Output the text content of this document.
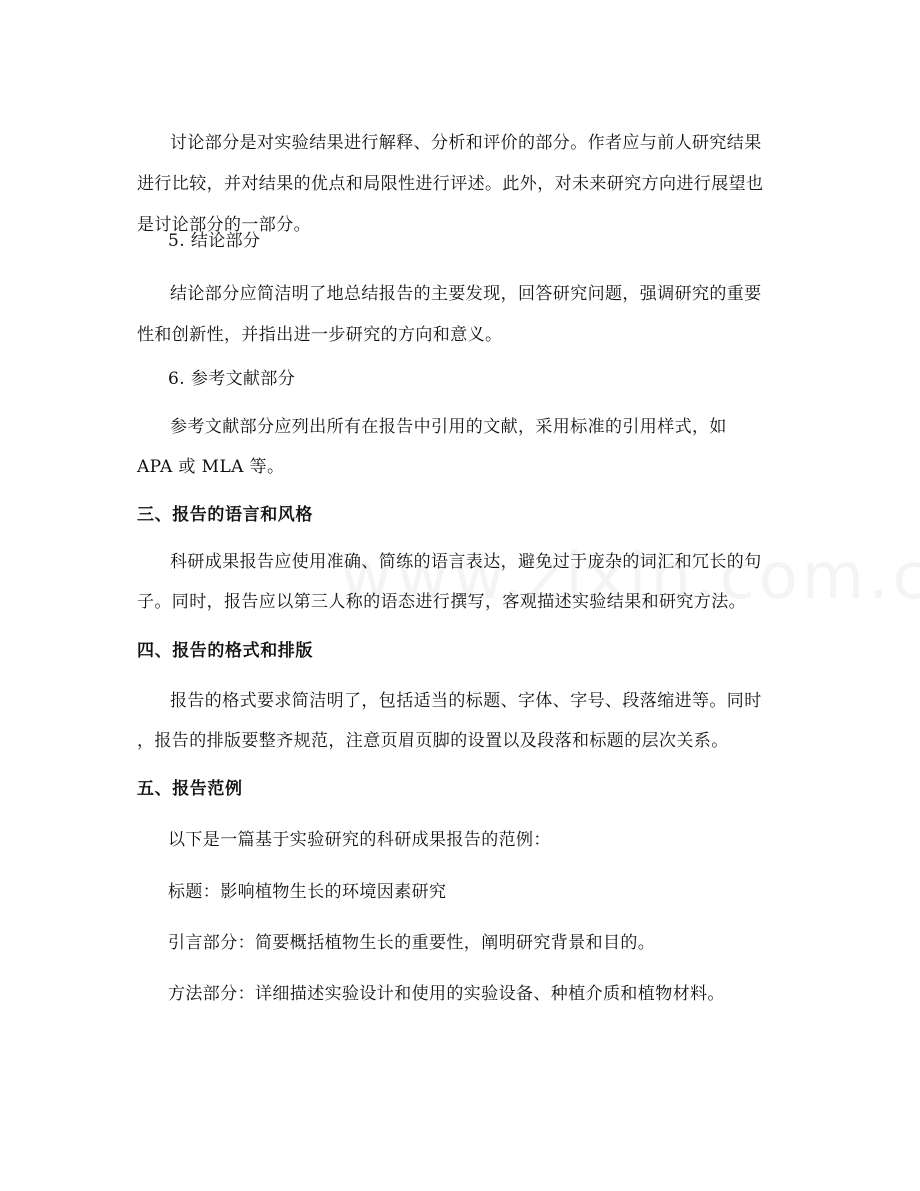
讨论部分是对实验结果进行解释、分析和评价的部分。作者应与前人研究结果
进行比较，并对结果的优点和局限性进行评述。此外，对未来研究方向进行展望也
是讨论部分的一部分。
5. 结论部分
结论部分应简洁明了地总结报告的主要发现，回答研究问题，强调研究的重要
性和创新性，并指出进一步研究的方向和意义。
6. 参考文献部分
参考文献部分应列出所有在报告中引用的文献，采用标准的引用样式，如
APA 或 MLA 等。
三、报告的语言和风格
科研成果报告应使用准确、简练的语言表达，避免过于庞杂的词汇和冗长的句
子。同时，报告应以第三人称的语态进行撰写，客观描述实验结果和研究方法。
四、报告的格式和排版
报告的格式要求简洁明了，包括适当的标题、字体、字号、段落缩进等。同时
，报告的排版要整齐规范，注意页眉页脚的设置以及段落和标题的层次关系。
五、报告范例
以下是一篇基于实验研究的科研成果报告的范例：
标题：影响植物生长的环境因素研究
引言部分：简要概括植物生长的重要性，阐明研究背景和目的。
方法部分：详细描述实验设计和使用的实验设备、种植介质和植物材料。
